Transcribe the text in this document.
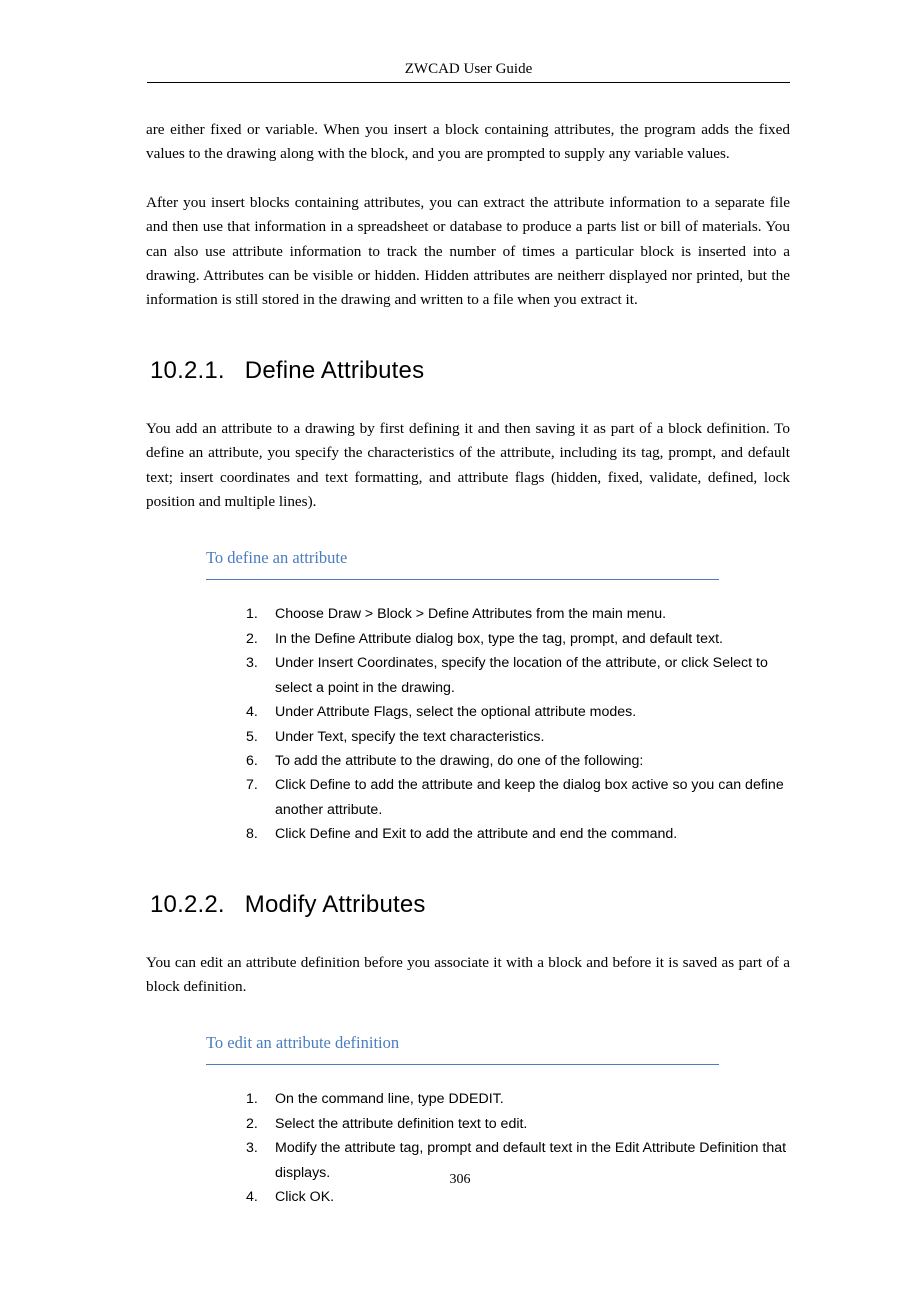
ZWCAD User Guide

are either fixed or variable. When you insert a block containing attributes, the program adds the fixed values to the drawing along with the block, and you are prompted to supply any variable values.

After you insert blocks containing attributes, you can extract the attribute information to a separate file and then use that information in a spreadsheet or database to produce a parts list or bill of materials. You can also use attribute information to track the number of times a particular block is inserted into a drawing. Attributes can be visible or hidden. Hidden attributes are neitherr displayed nor printed, but the information is still stored in the drawing and written to a file when you extract it.

10.2.1. Define Attributes

You add an attribute to a drawing by first defining it and then saving it as part of a block definition. To define an attribute, you specify the characteristics of the attribute, including its tag, prompt, and default text; insert coordinates and text formatting, and attribute flags (hidden, fixed, validate, defined, lock position and multiple lines).

To define an attribute
1.	Choose Draw > Block > Define Attributes from the main menu.
2.	In the Define Attribute dialog box, type the tag, prompt, and default text.
3.	Under Insert Coordinates, specify the location of the attribute, or click Select to select a point in the drawing.
4.	Under Attribute Flags, select the optional attribute modes.
5.	Under Text, specify the text characteristics.
6.	To add the attribute to the drawing, do one of the following:
7.	Click Define to add the attribute and keep the dialog box active so you can define another attribute.
8.	Click Define and Exit to add the attribute and end the command.
10.2.2. Modify Attributes

You can edit an attribute definition before you associate it with a block and before it is saved as part of a block definition.

To edit an attribute definition
1.	On the command line, type DDEDIT.
2.	Select the attribute definition text to edit.
3.	Modify the attribute tag, prompt and default text in the Edit Attribute Definition that displays.
4.	Click OK.
306
